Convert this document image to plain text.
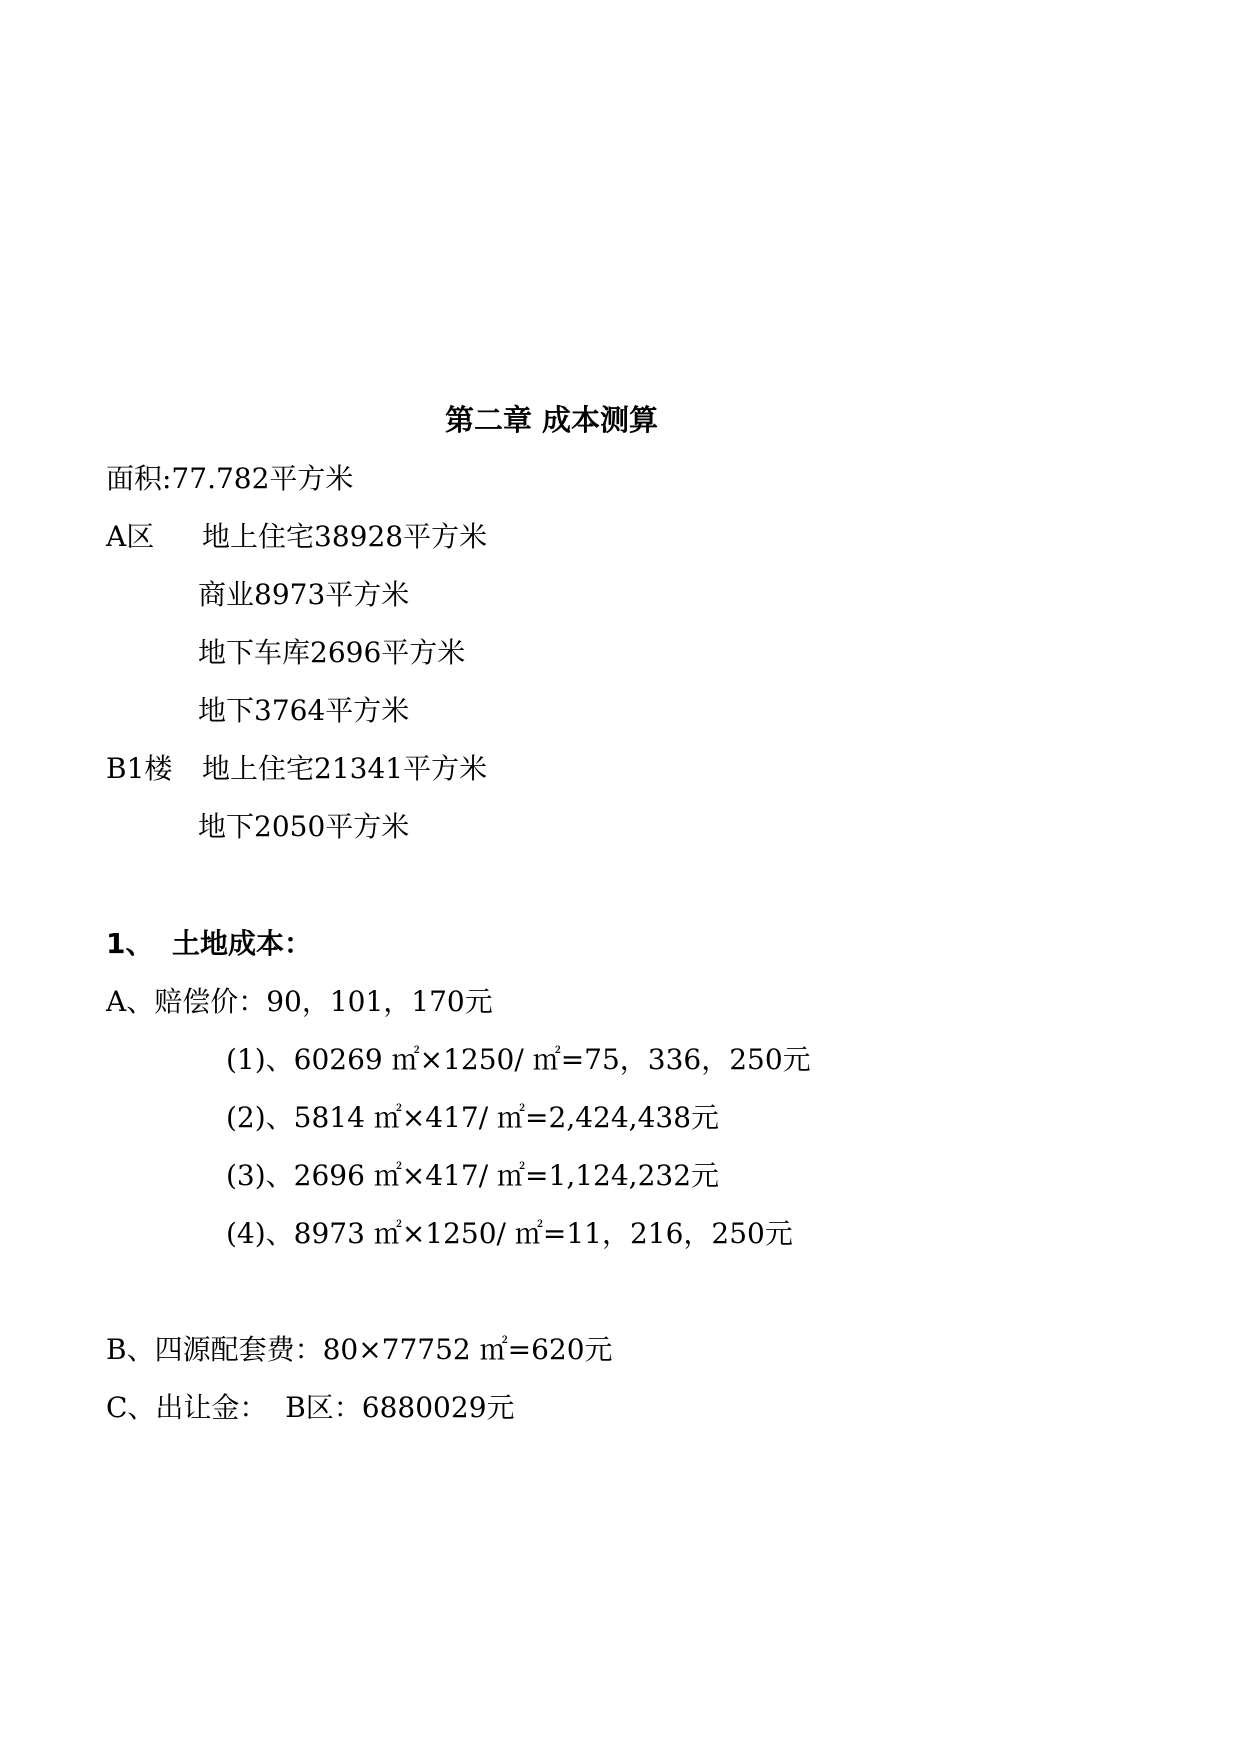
第二章 成本测算
面积:77.782平方米
A区 地上住宅38928平方米
商业8973平方米
地下车库2696平方米
地下3764平方米
B1楼 地上住宅21341平方米
地下2050平方米
1、 土地成本：
A、赔偿价：90，101，170元
(1)、60269 ㎡×1250/ ㎡=75，336，250元
(2)、5814 ㎡×417/ ㎡=2,424,438元
(3)、2696 ㎡×417/ ㎡=1,124,232元
(4)、8973 ㎡×1250/ ㎡=11，216，250元
B、四源配套费：80×77752 ㎡=620元
C、出让金：  B区：6880029元
